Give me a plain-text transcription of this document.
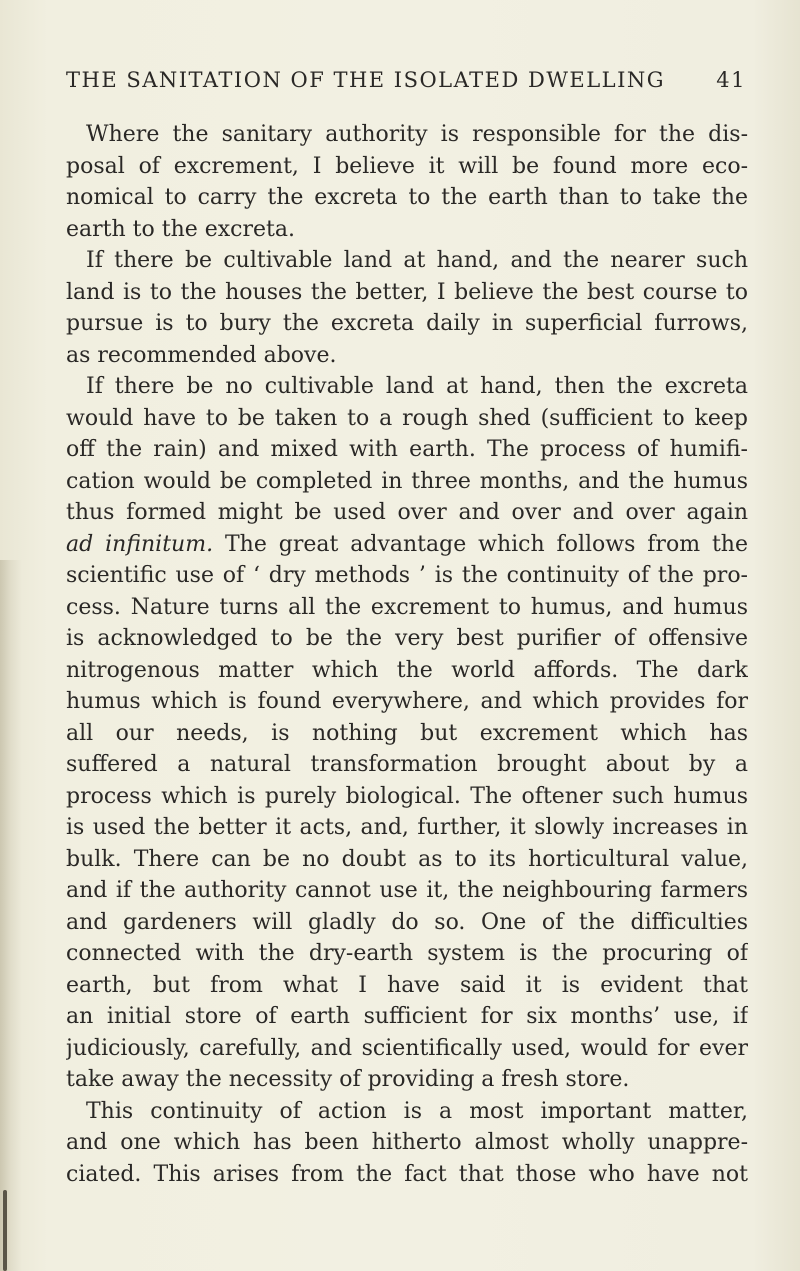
THE SANITATION OF THE ISOLATED DWELLING 41
Where the sanitary authority is responsible for the dis-
posal of excrement, I believe it will be found more eco-
nomical to carry the excreta to the earth than to take the
earth to the excreta.
If there be cultivable land at hand, and the nearer such
land is to the houses the better, I believe the best course to
pursue is to bury the excreta daily in superficial furrows,
as recommended above.
If there be no cultivable land at hand, then the excreta
would have to be taken to a rough shed (sufficient to keep
off the rain) and mixed with earth. The process of humifi-
cation would be completed in three months, and the humus
thus formed might be used over and over and over again
ad infinitum. The great advantage which follows from the
scientific use of ‘ dry methods ’ is the continuity of the pro-
cess. Nature turns all the excrement to humus, and humus
is acknowledged to be the very best purifier of offensive
nitrogenous matter which the world affords. The dark
humus which is found everywhere, and which provides for
all our needs, is nothing but excrement which has
suffered a natural transformation brought about by a
process which is purely biological. The oftener such humus
is used the better it acts, and, further, it slowly increases in
bulk. There can be no doubt as to its horticultural value,
and if the authority cannot use it, the neighbouring farmers
and gardeners will gladly do so. One of the difficulties
connected with the dry-earth system is the procuring of
earth, but from what I have said it is evident that
an initial store of earth sufficient for six months’ use, if
judiciously, carefully, and scientifically used, would for ever
take away the necessity of providing a fresh store.
This continuity of action is a most important matter,
and one which has been hitherto almost wholly unappre-
ciated. This arises from the fact that those who have not
